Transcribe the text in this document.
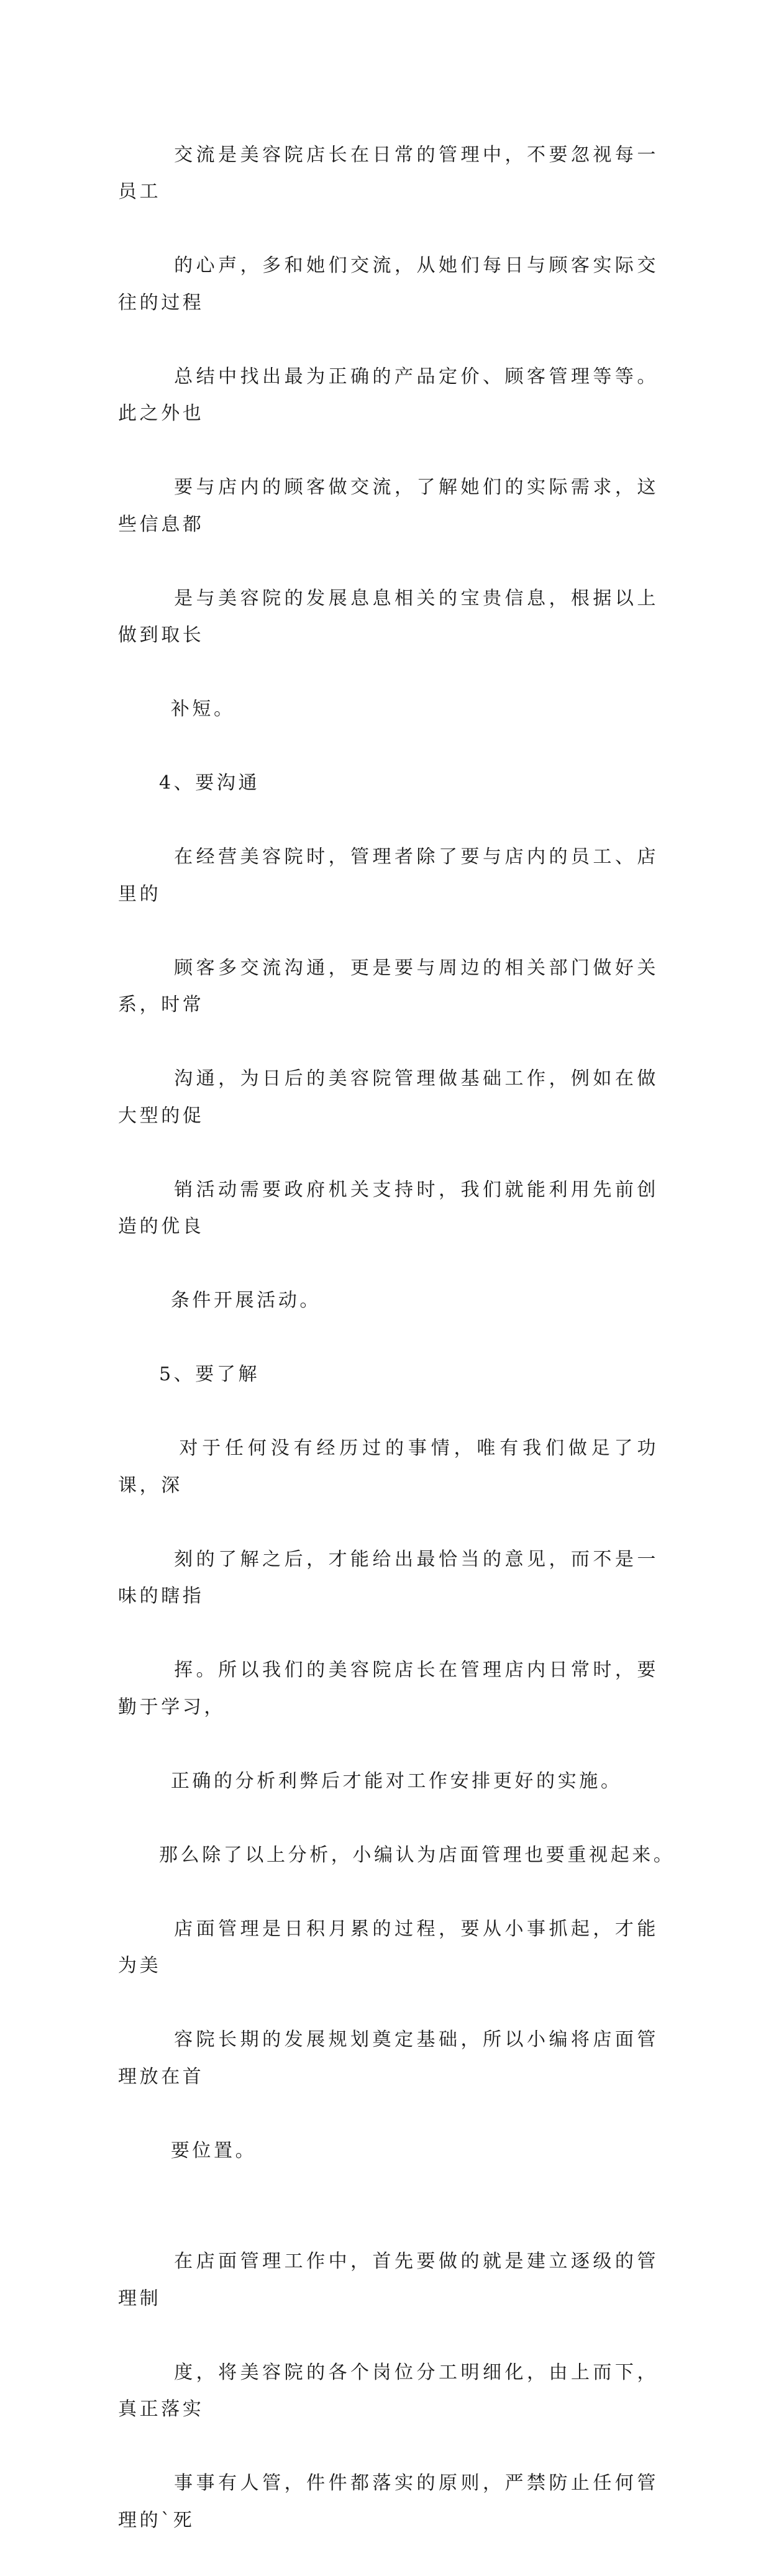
交流是美容院店长在日常的管理中，不要忽视每一员工

的心声，多和她们交流，从她们每日与顾客实际交往的过程

总结中找出最为正确的产品定价、顾客管理等等。此之外也

要与店内的顾客做交流，了解她们的实际需求，这些信息都

是与美容院的发展息息相关的宝贵信息，根据以上做到取长

补短。

4、要沟通

在经营美容院时，管理者除了要与店内的员工、店里的

顾客多交流沟通，更是要与周边的相关部门做好关系，时常

沟通，为日后的美容院管理做基础工作，例如在做大型的促

销活动需要政府机关支持时，我们就能利用先前创造的优良

条件开展活动。

5、要了解

对于任何没有经历过的事情，唯有我们做足了功课，深

刻的了解之后，才能给出最恰当的意见，而不是一味的瞎指

挥。所以我们的美容院店长在管理店内日常时，要勤于学习，

正确的分析利弊后才能对工作安排更好的实施。

那么除了以上分析，小编认为店面管理也要重视起来。

店面管理是日积月累的过程，要从小事抓起，才能为美

容院长期的发展规划奠定基础，所以小编将店面管理放在首

要位置。

在店面管理工作中，首先要做的就是建立逐级的管理制

度，将美容院的各个岗位分工明细化，由上而下，真正落实

事事有人管，件件都落实的原则，严禁防止任何管理的`死
